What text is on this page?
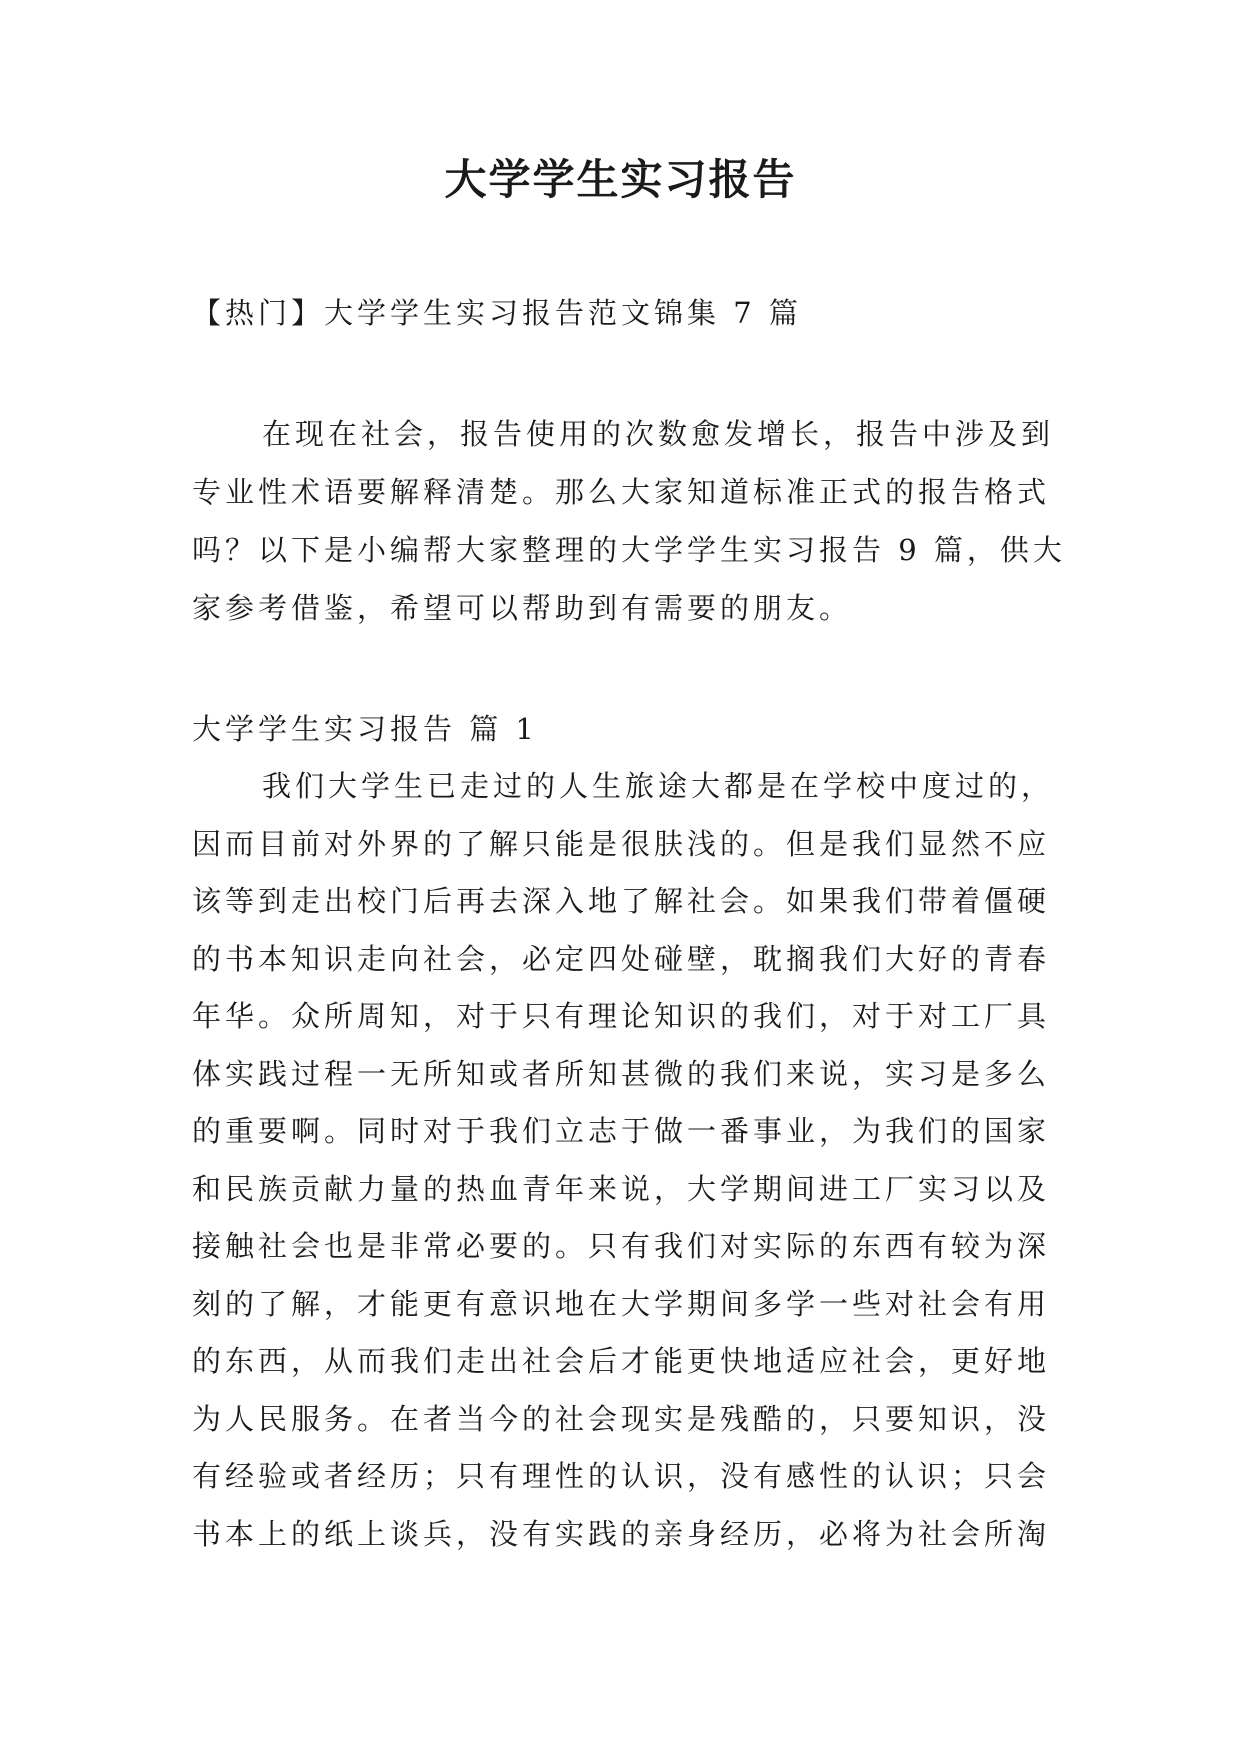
大学学生实习报告
【热门】大学学生实习报告范文锦集 7 篇
在现在社会，报告使用的次数愈发增长，报告中涉及到
专业性术语要解释清楚。那么大家知道标准正式的报告格式
吗？以下是小编帮大家整理的大学学生实习报告 9 篇，供大
家参考借鉴，希望可以帮助到有需要的朋友。
大学学生实习报告 篇 1
我们大学生已走过的人生旅途大都是在学校中度过的，
因而目前对外界的了解只能是很肤浅的。但是我们显然不应
该等到走出校门后再去深入地了解社会。如果我们带着僵硬
的书本知识走向社会，必定四处碰壁，耽搁我们大好的青春
年华。众所周知，对于只有理论知识的我们，对于对工厂具
体实践过程一无所知或者所知甚微的我们来说，实习是多么
的重要啊。同时对于我们立志于做一番事业，为我们的国家
和民族贡献力量的热血青年来说，大学期间进工厂实习以及
接触社会也是非常必要的。只有我们对实际的东西有较为深
刻的了解，才能更有意识地在大学期间多学一些对社会有用
的东西，从而我们走出社会后才能更快地适应社会，更好地
为人民服务。在者当今的社会现实是残酷的，只要知识，没
有经验或者经历；只有理性的认识，没有感性的认识；只会
书本上的纸上谈兵，没有实践的亲身经历，必将为社会所淘
